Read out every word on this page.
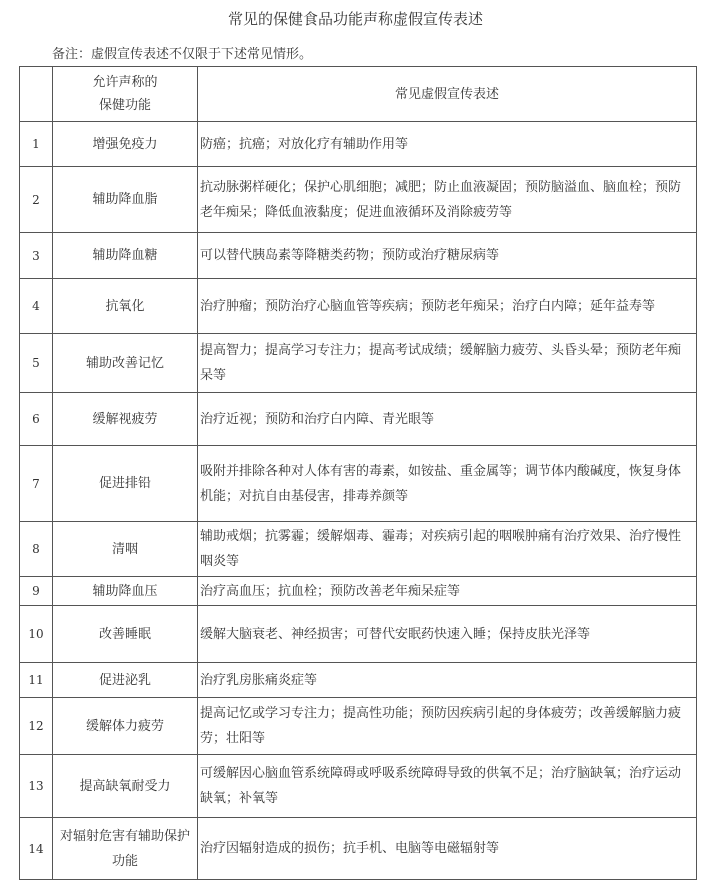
常见的保健食品功能声称虚假宣传表述
备注：虚假宣传表述不仅限于下述常见情形。

	允许声称的
保健功能	常见虚假宣传表述
1	增强免疫力	防癌；抗癌；对放化疗有辅助作用等
2	辅助降血脂	抗动脉粥样硬化；保护心肌细胞；减肥；防止血液凝固；预防脑溢血、脑血栓；预防老年痴呆；降低血液黏度；促进血液循环及消除疲劳等
3	辅助降血糖	可以替代胰岛素等降糖类药物；预防或治疗糖尿病等
4	抗氧化	治疗肿瘤；预防治疗心脑血管等疾病；预防老年痴呆；治疗白内障；延年益寿等
5	辅助改善记忆	提高智力；提高学习专注力；提高考试成绩；缓解脑力疲劳、头昏头晕；预防老年痴呆等
6	缓解视疲劳	治疗近视；预防和治疗白内障、青光眼等
7	促进排铅	吸附并排除各种对人体有害的毒素，如铵盐、重金属等；调节体内酸碱度，恢复身体机能；对抗自由基侵害，排毒养颜等
8	清咽	辅助戒烟；抗雾霾；缓解烟毒、霾毒；对疾病引起的咽喉肿痛有治疗效果、治疗慢性咽炎等
9	辅助降血压	治疗高血压；抗血栓；预防改善老年痴呆症等
10	改善睡眠	缓解大脑衰老、神经损害；可替代安眠药快速入睡；保持皮肤光泽等
11	促进泌乳	治疗乳房胀痛炎症等
12	缓解体力疲劳	提高记忆或学习专注力；提高性功能；预防因疾病引起的身体疲劳；改善缓解脑力疲劳；壮阳等
13	提高缺氧耐受力	可缓解因心脑血管系统障碍或呼吸系统障碍导致的供氧不足；治疗脑缺氧；治疗运动缺氧；补氧等
14	对辐射危害有辅助保护功能	治疗因辐射造成的损伤；抗手机、电脑等电磁辐射等
